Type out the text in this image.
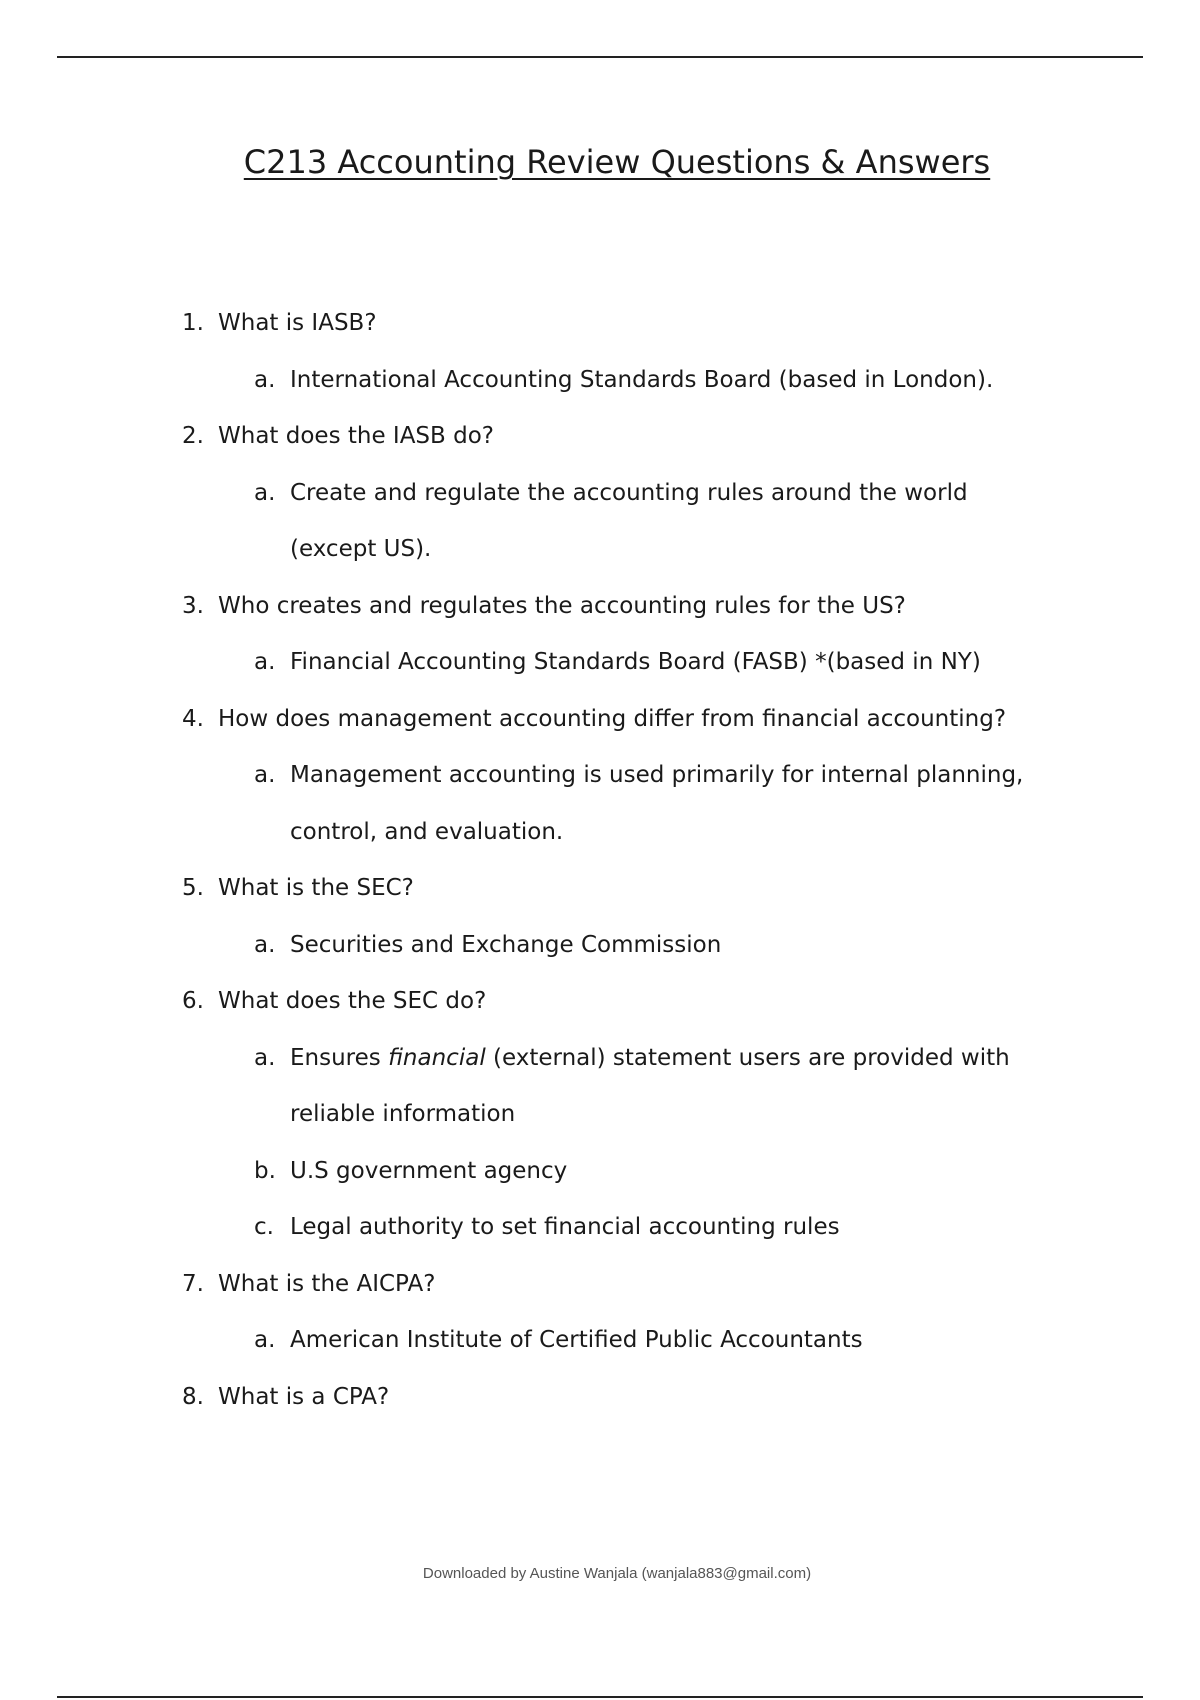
C213 Accounting Review Questions & Answers
1. What is IASB?
a. International Accounting Standards Board (based in London).
2. What does the IASB do?
a. Create and regulate the accounting rules around the world
(except US).
3. Who creates and regulates the accounting rules for the US?
a. Financial Accounting Standards Board (FASB) *(based in NY)
4. How does management accounting differ from financial accounting?
a. Management accounting is used primarily for internal planning,
control, and evaluation.
5. What is the SEC?
a. Securities and Exchange Commission
6. What does the SEC do?
a. Ensures financial (external) statement users are provided with
reliable information
b. U.S government agency
c. Legal authority to set financial accounting rules
7. What is the AICPA?
a. American Institute of Certified Public Accountants
8. What is a CPA?
Downloaded by Austine Wanjala (wanjala883@gmail.com)
